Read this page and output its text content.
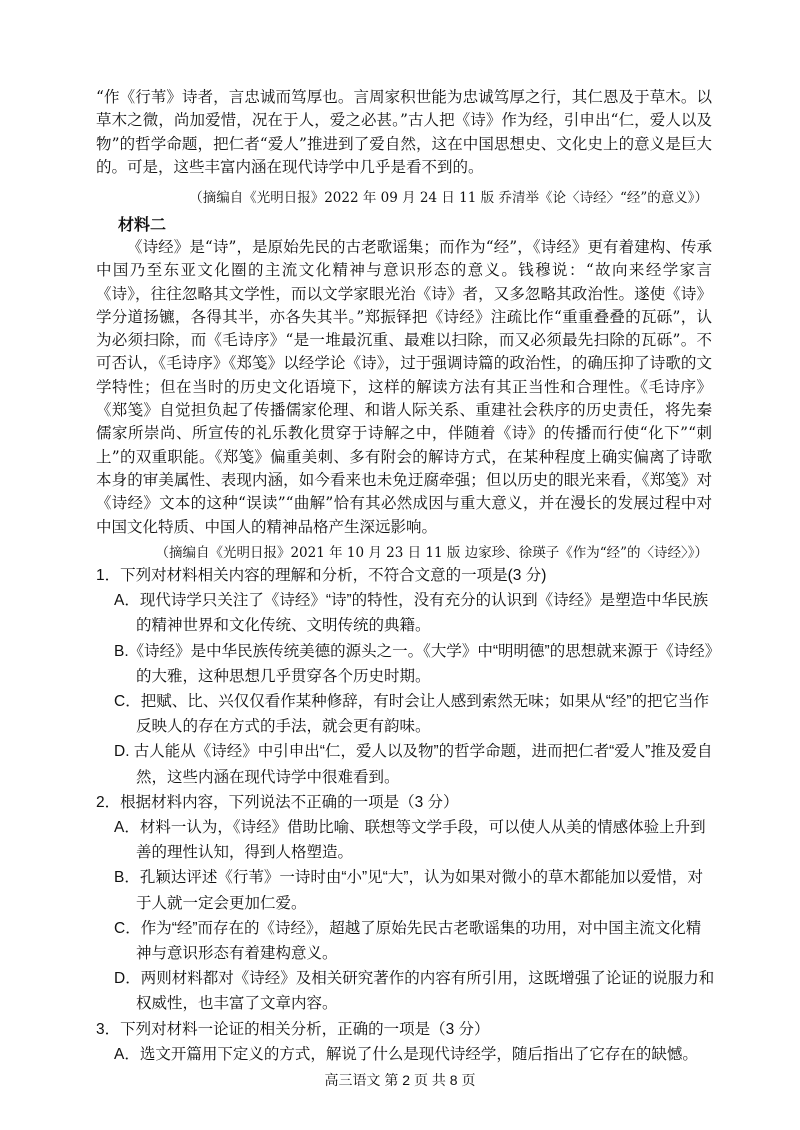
“作《行苇》诗者，言忠诚而笃厚也。言周家积世能为忠诚笃厚之行，其仁恩及于草木。以草木之微，尚加爱惜，况在于人，爱之必甚。”古人把《诗》作为经，引申出“仁，爱人以及物”的哲学命题，把仁者“爱人”推进到了爱自然，这在中国思想史、文化史上的意义是巨大的。可是，这些丰富内涵在现代诗学中几乎是看不到的。

（摘编自《光明日报》2022 年 09 月 24 日 11 版 乔清举《论〈诗经〉“经”的意义》）

材料二

《诗经》是“诗”，是原始先民的古老歌谣集；而作为“经”，《诗经》更有着建构、传承中国乃至东亚文化圈的主流文化精神与意识形态的意义。钱穆说：“故向来经学家言《诗》，往往忽略其文学性，而以文学家眼光治《诗》者，又多忽略其政治性。遂使《诗》学分道扬镳，各得其半，亦各失其半。”郑振铎把《诗经》注疏比作“重重叠叠的瓦砾”，认为必须扫除，而《毛诗序》“是一堆最沉重、最难以扫除，而又必须最先扫除的瓦砾”。不可否认，《毛诗序》《郑笺》以经学论《诗》，过于强调诗篇的政治性，的确压抑了诗歌的文学特性；但在当时的历史文化语境下，这样的解读方法有其正当性和合理性。《毛诗序》《郑笺》自觉担负起了传播儒家伦理、和谐人际关系、重建社会秩序的历史责任，将先秦儒家所崇尚、所宣传的礼乐教化贯穿于诗解之中，伴随着《诗》的传播而行使“化下”“刺上”的双重职能。《郑笺》偏重美刺、多有附会的解诗方式，在某种程度上确实偏离了诗歌本身的审美属性、表现内涵，如今看来也未免迂腐牵强；但以历史的眼光来看，《郑笺》对《诗经》文本的这种“误读”“曲解”恰有其必然成因与重大意义，并在漫长的发展过程中对中国文化特质、中国人的精神品格产生深远影响。

（摘编自《光明日报》2021 年 10 月 23 日 11 版 边家珍、徐瑛子《作为“经”的〈诗经〉》）

1．下列对材料相关内容的理解和分析，不符合文意的一项是(3 分)

A．现代诗学只关注了《诗经》“诗”的特性，没有充分的认识到《诗经》是塑造中华民族的精神世界和文化传统、文明传统的典籍。

B.《诗经》是中华民族传统美德的源头之一。《大学》中“明明德”的思想就来源于《诗经》的大雅，这种思想几乎贯穿各个历史时期。

C．把赋、比、兴仅仅看作某种修辞，有时会让人感到索然无味；如果从“经”的把它当作反映人的存在方式的手法，就会更有韵味。

D. 古人能从《诗经》中引申出“仁，爱人以及物”的哲学命题，进而把仁者“爱人”推及爱自然，这些内涵在现代诗学中很难看到。

2．根据材料内容，下列说法不正确的一项是（3 分）

A．材料一认为，《诗经》借助比喻、联想等文学手段，可以使人从美的情感体验上升到善的理性认知，得到人格塑造。

B．孔颖达评述《行苇》一诗时由“小”见“大”，认为如果对微小的草木都能加以爱惜，对于人就一定会更加仁爱。

C．作为“经”而存在的《诗经》，超越了原始先民古老歌谣集的功用，对中国主流文化精神与意识形态有着建构意义。

D．两则材料都对《诗经》及相关研究著作的内容有所引用，这既增强了论证的说服力和权威性，也丰富了文章内容。

3．下列对材料一论证的相关分析，正确的一项是（3 分）

A．选文开篇用下定义的方式，解说了什么是现代诗经学，随后指出了它存在的缺憾。

高三语文 第 2 页 共 8 页
